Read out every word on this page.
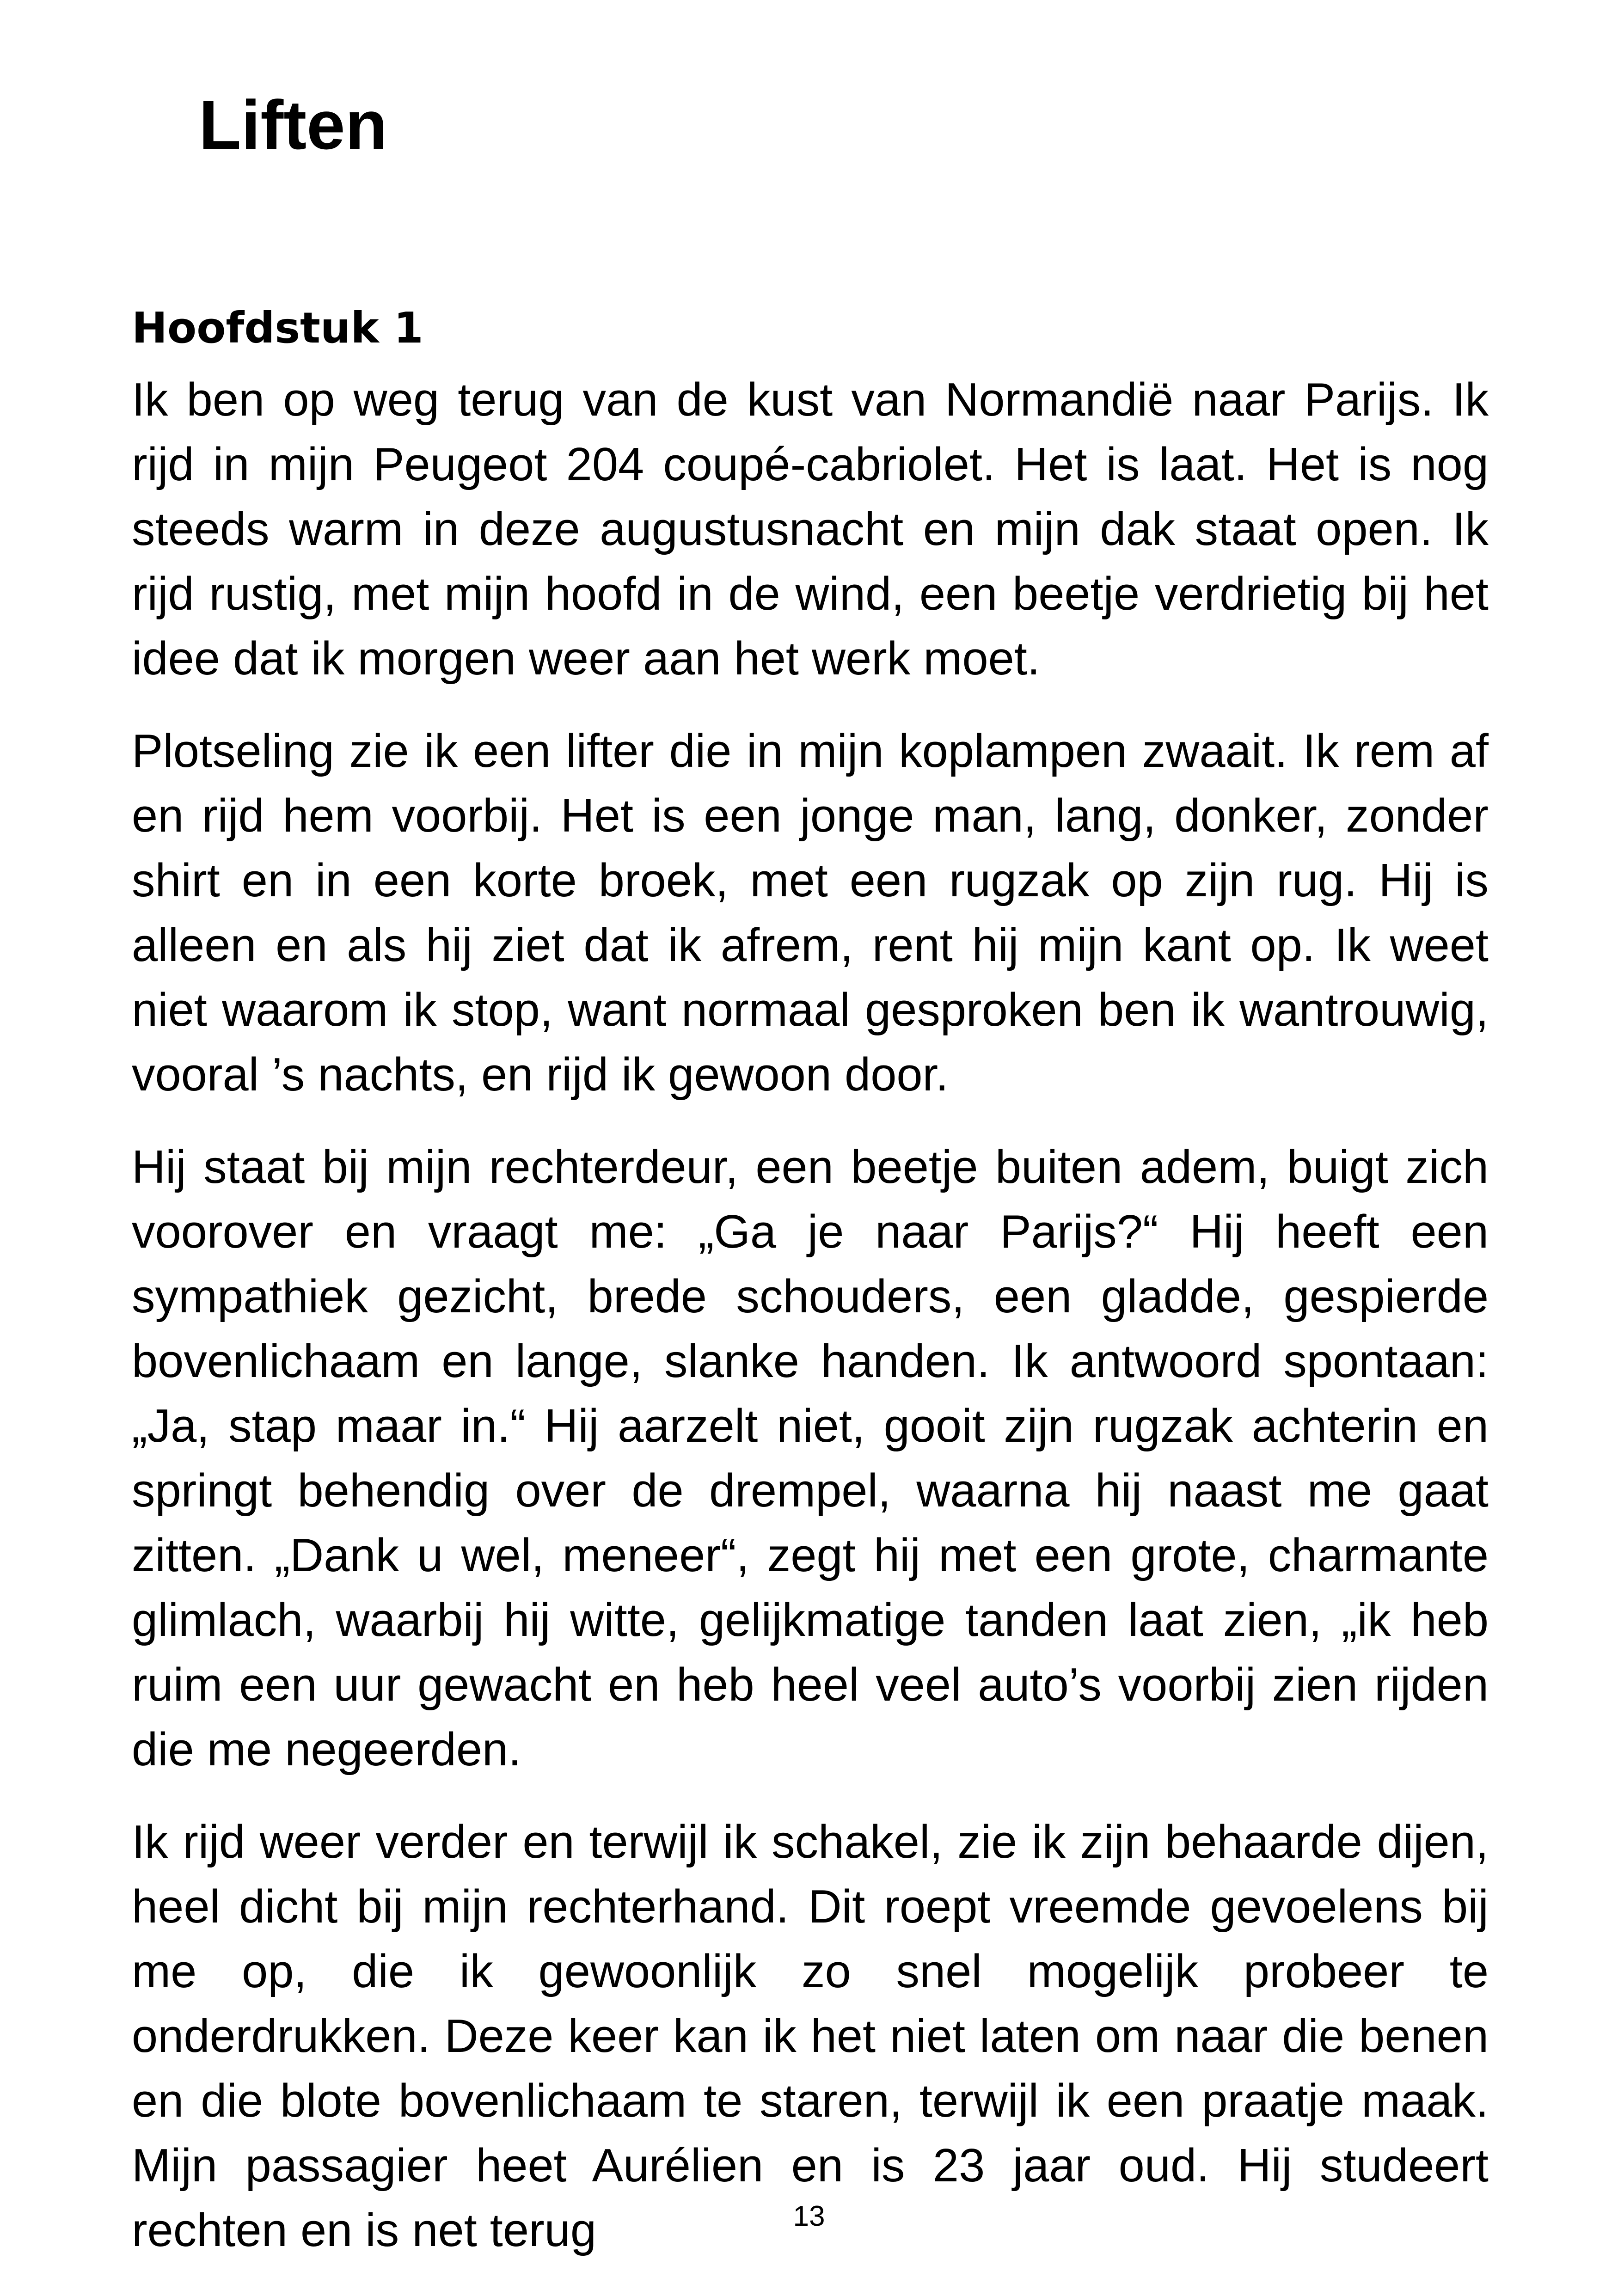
Liften
Hoofdstuk 1

Ik ben op weg terug van de kust van Normandië naar Parijs. Ik rijd in mijn Peugeot 204 coupé-cabriolet. Het is laat. Het is nog steeds warm in deze augustusnacht en mijn dak staat open. Ik rijd rustig, met mijn hoofd in de wind, een beetje verdrietig bij het idee dat ik morgen weer aan het werk moet.

Plotseling zie ik een lifter die in mijn koplampen zwaait. Ik rem af en rijd hem voorbij. Het is een jonge man, lang, donker, zonder shirt en in een korte broek, met een rugzak op zijn rug. Hij is alleen en als hij ziet dat ik afrem, rent hij mijn kant op. Ik weet niet waarom ik stop, want normaal gesproken ben ik wantrouwig, vooral ’s nachts, en rijd ik gewoon door.

Hij staat bij mijn rechterdeur, een beetje buiten adem, buigt zich voorover en vraagt me: „Ga je naar Parijs?“ Hij heeft een sympathiek gezicht, brede schouders, een gladde, gespierde bovenlichaam en lange, slanke handen. Ik antwoord spontaan: „Ja, stap maar in.“ Hij aarzelt niet, gooit zijn rugzak achterin en springt behendig over de drempel, waarna hij naast me gaat zitten. „Dank u wel, meneer“, zegt hij met een grote, charmante glimlach, waarbij hij witte, gelijkmatige tanden laat zien, „ik heb ruim een uur gewacht en heb heel veel auto’s voorbij zien rijden die me negeerden.

Ik rijd weer verder en terwijl ik schakel, zie ik zijn behaarde dijen, heel dicht bij mijn rechterhand. Dit roept vreemde gevoelens bij me op, die ik gewoonlijk zo snel mogelijk probeer te onderdrukken. Deze keer kan ik het niet laten om naar die benen en die blote bovenlichaam te staren, terwijl ik een praatje maak. Mijn passagier heet Aurélien en is 23 jaar oud. Hij studeert rechten en is net terug	13
